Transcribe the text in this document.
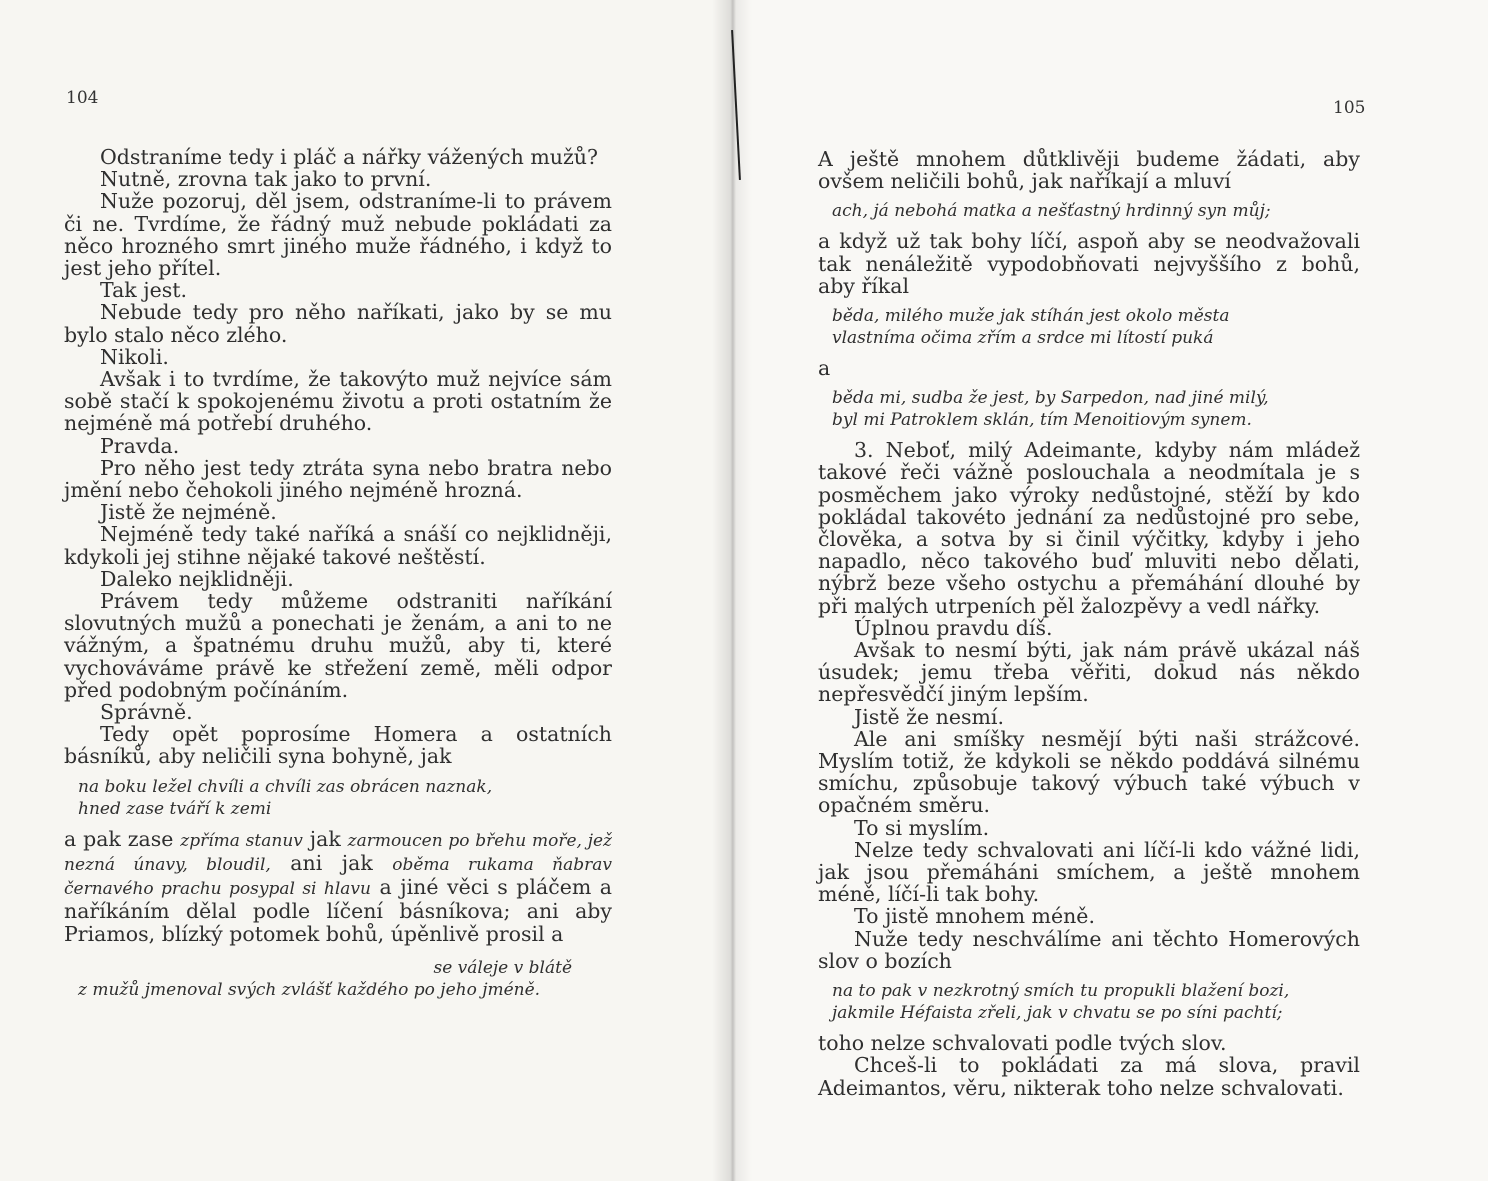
104

Odstraníme tedy i pláč a nářky vážených mužů?

Nutně, zrovna tak jako to první.

Nuže pozoruj, děl jsem, odstraníme-li to právem či ne. Tvrdíme, že řádný muž nebude pokládati za něco hrozného smrt jiného muže řádného, i když to jest jeho přítel.

Tak jest.

Nebude tedy pro něho naříkati, jako by se mu bylo stalo něco zlého.

Nikoli.

Avšak i to tvrdíme, že takovýto muž nejvíce sám sobě stačí k spokojenému životu a proti ostatním že nejméně má potřebí druhého.

Pravda.

Pro něho jest tedy ztráta syna nebo bratra nebo jmění nebo čehokoli jiného nejméně hrozná.

Jistě že nejméně.

Nejméně tedy také naříká a snáší co nejklidněji, kdykoli jej stihne nějaké takové neštěstí.

Daleko nejklidněji.

Právem tedy můžeme odstraniti naříkání slovutných mužů a ponechati je ženám, a ani to ne vážným, a špatnému druhu mužů, aby ti, které vychováváme právě ke střežení země, měli odpor před podobným počínáním.

Správně.

Tedy opět poprosíme Homera a ostatních básníků, aby neličili syna bohyně, jak

na boku ležel chvíli a chvíli zas obrácen naznak,
hned zase tváří k zemi

a pak zase zpříma stanuv jak zarmoucen po břehu moře, jež nezná únavy, bloudil, ani jak oběma rukama ňabrav černavého prachu posypal si hlavu a jiné věci s pláčem a naříkáním dělal podle líčení básníkova; ani aby Priamos, blízký potomek bohů, úpěnlivě prosil a

se váleje v blátě
z mužů jmenoval svých zvlášť každého po jeho jméně.
105

A ještě mnohem důtklivěji budeme žádati, aby ovšem neličili bohů, jak naříkají a mluví

ach, já nebohá matka a nešťastný hrdinný syn můj;

a když už tak bohy líčí, aspoň aby se neodvažovali tak nenáležitě vypodobňovati nejvyššího z bohů, aby říkal

běda, milého muže jak stíhán jest okolo města
vlastníma očima zřím a srdce mi lítostí puká

a

běda mi, sudba že jest, by Sarpedon, nad jiné milý,
byl mi Patroklem sklán, tím Menoitiovým synem.

3. Neboť, milý Adeimante, kdyby nám mládež takové řeči vážně poslouchala a neodmítala je s posměchem jako výroky nedůstojné, stěží by kdo pokládal takovéto jednání za nedůstojné pro sebe, člověka, a sotva by si činil výčitky, kdyby i jeho napadlo, něco takového buď mluviti nebo dělati, nýbrž beze všeho ostychu a přemáhání dlouhé by při malých utrpeních pěl žalozpěvy a vedl nářky.

Úplnou pravdu díš.

Avšak to nesmí býti, jak nám právě ukázal náš úsudek; jemu třeba věřiti, dokud nás někdo nepřesvědčí jiným lepším.

Jistě že nesmí.

Ale ani smíšky nesmějí býti naši strážcové. Myslím totiž, že kdykoli se někdo poddává silnému smíchu, způsobuje takový výbuch také výbuch v opačném směru.

To si myslím.

Nelze tedy schvalovati ani líčí-li kdo vážné lidi, jak jsou přemáháni smíchem, a ještě mnohem méně, líčí-li tak bohy.

To jistě mnohem méně.

Nuže tedy neschválíme ani těchto Homerových slov o bozích

na to pak v nezkrotný smích tu propukli blažení bozi,
jakmile Héfaista zřeli, jak v chvatu se po síni pachtí;

toho nelze schvalovati podle tvých slov.

Chceš-li to pokládati za má slova, pravil Adeimantos, věru, nikterak toho nelze schvalovati.
